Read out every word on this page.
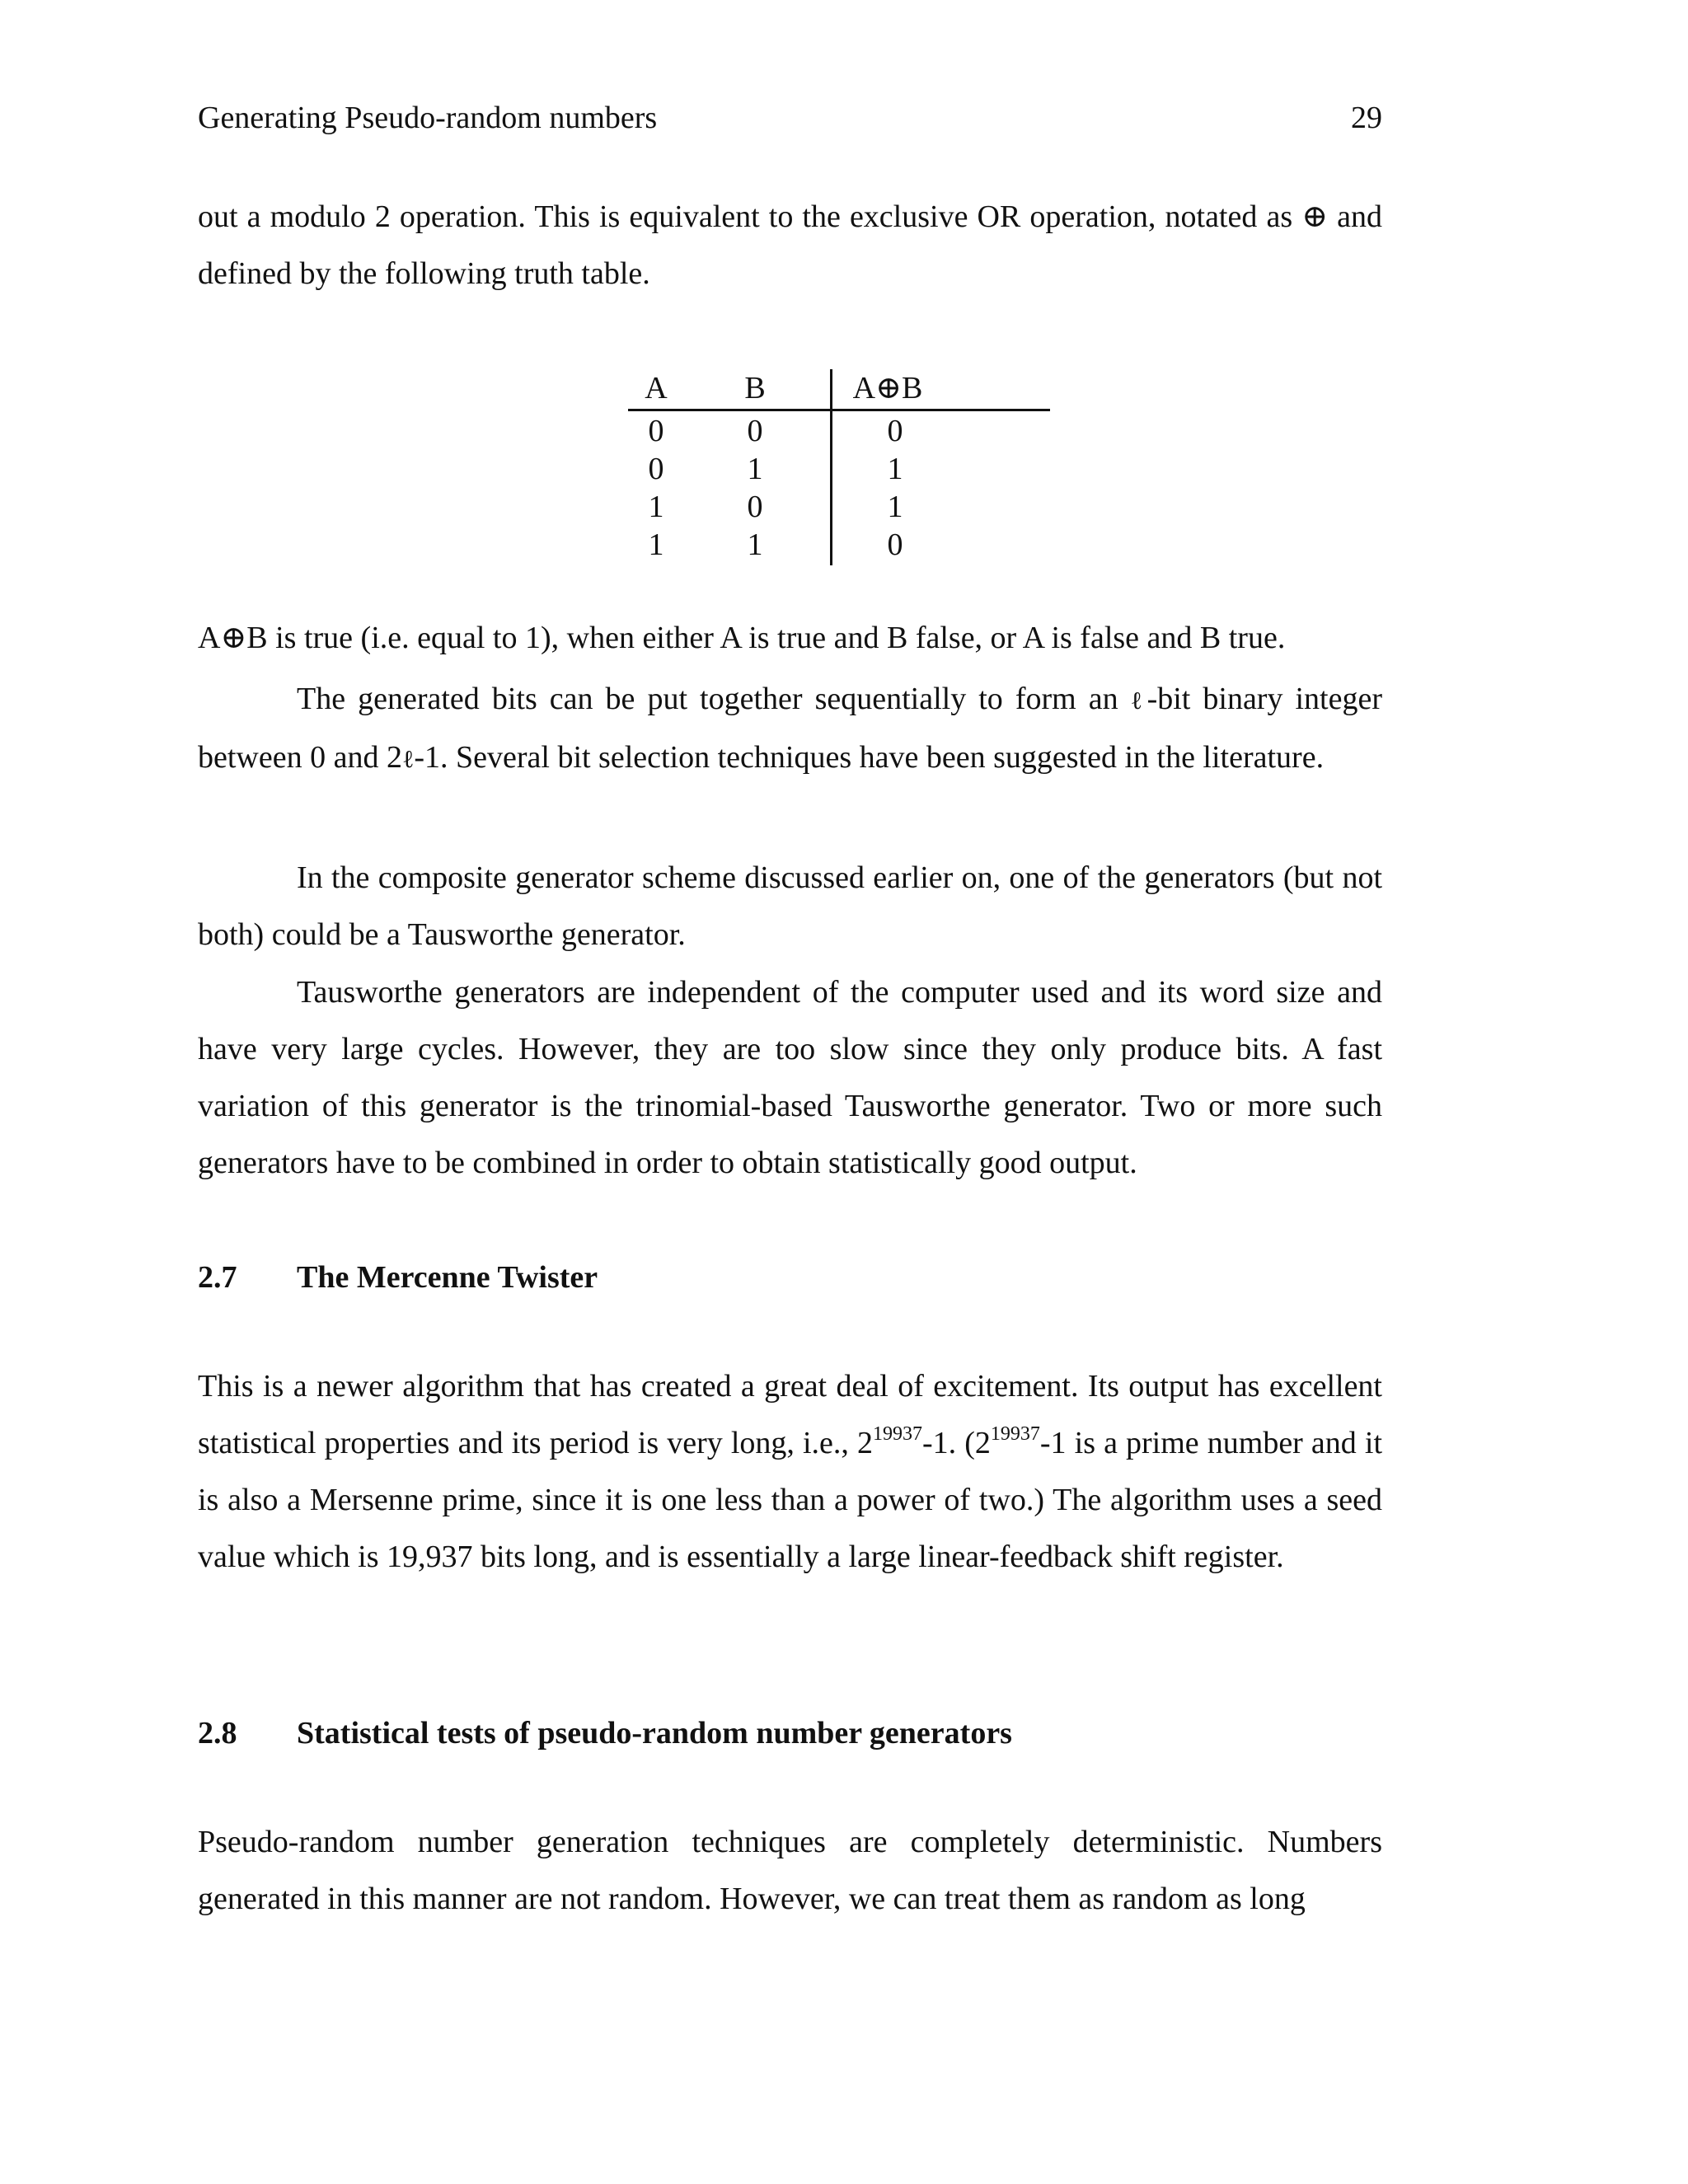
Generating Pseudo-random numbers	29

out a modulo 2 operation. This is equivalent to the exclusive OR operation, notated as ⊕ and defined by the following truth table.

A	B	A⊕B
0	0	0
0	1	1
1	0	1
1	1	0

A⊕B is true (i.e. equal to 1), when either A is true and B false, or A is false and B true.

The generated bits can be put together sequentially to form an ℓ-bit binary integer between 0 and 2ℓ-1. Several bit selection techniques have been suggested in the literature.

In the composite generator scheme discussed earlier on, one of the generators (but not both) could be a Tausworthe generator.

Tausworthe generators are independent of the computer used and its word size and have very large cycles. However, they are too slow since they only produce bits. A fast variation of this generator is the trinomial-based Tausworthe generator. Two or more such generators have to be combined in order to obtain statistically good output.

2.7 The Mercenne Twister

This is a newer algorithm that has created a great deal of excitement. Its output has excellent statistical properties and its period is very long, i.e., $2^{19937}-1$. ($2^{19937}-1$ is a prime number and it is also a Mersenne prime, since it is one less than a power of two.) The algorithm uses a seed value which is 19,937 bits long, and is essentially a large linear-feedback shift register.

2.8 Statistical tests of pseudo-random number generators

Pseudo-random number generation techniques are completely deterministic. Numbers generated in this manner are not random. However, we can treat them as random as long
